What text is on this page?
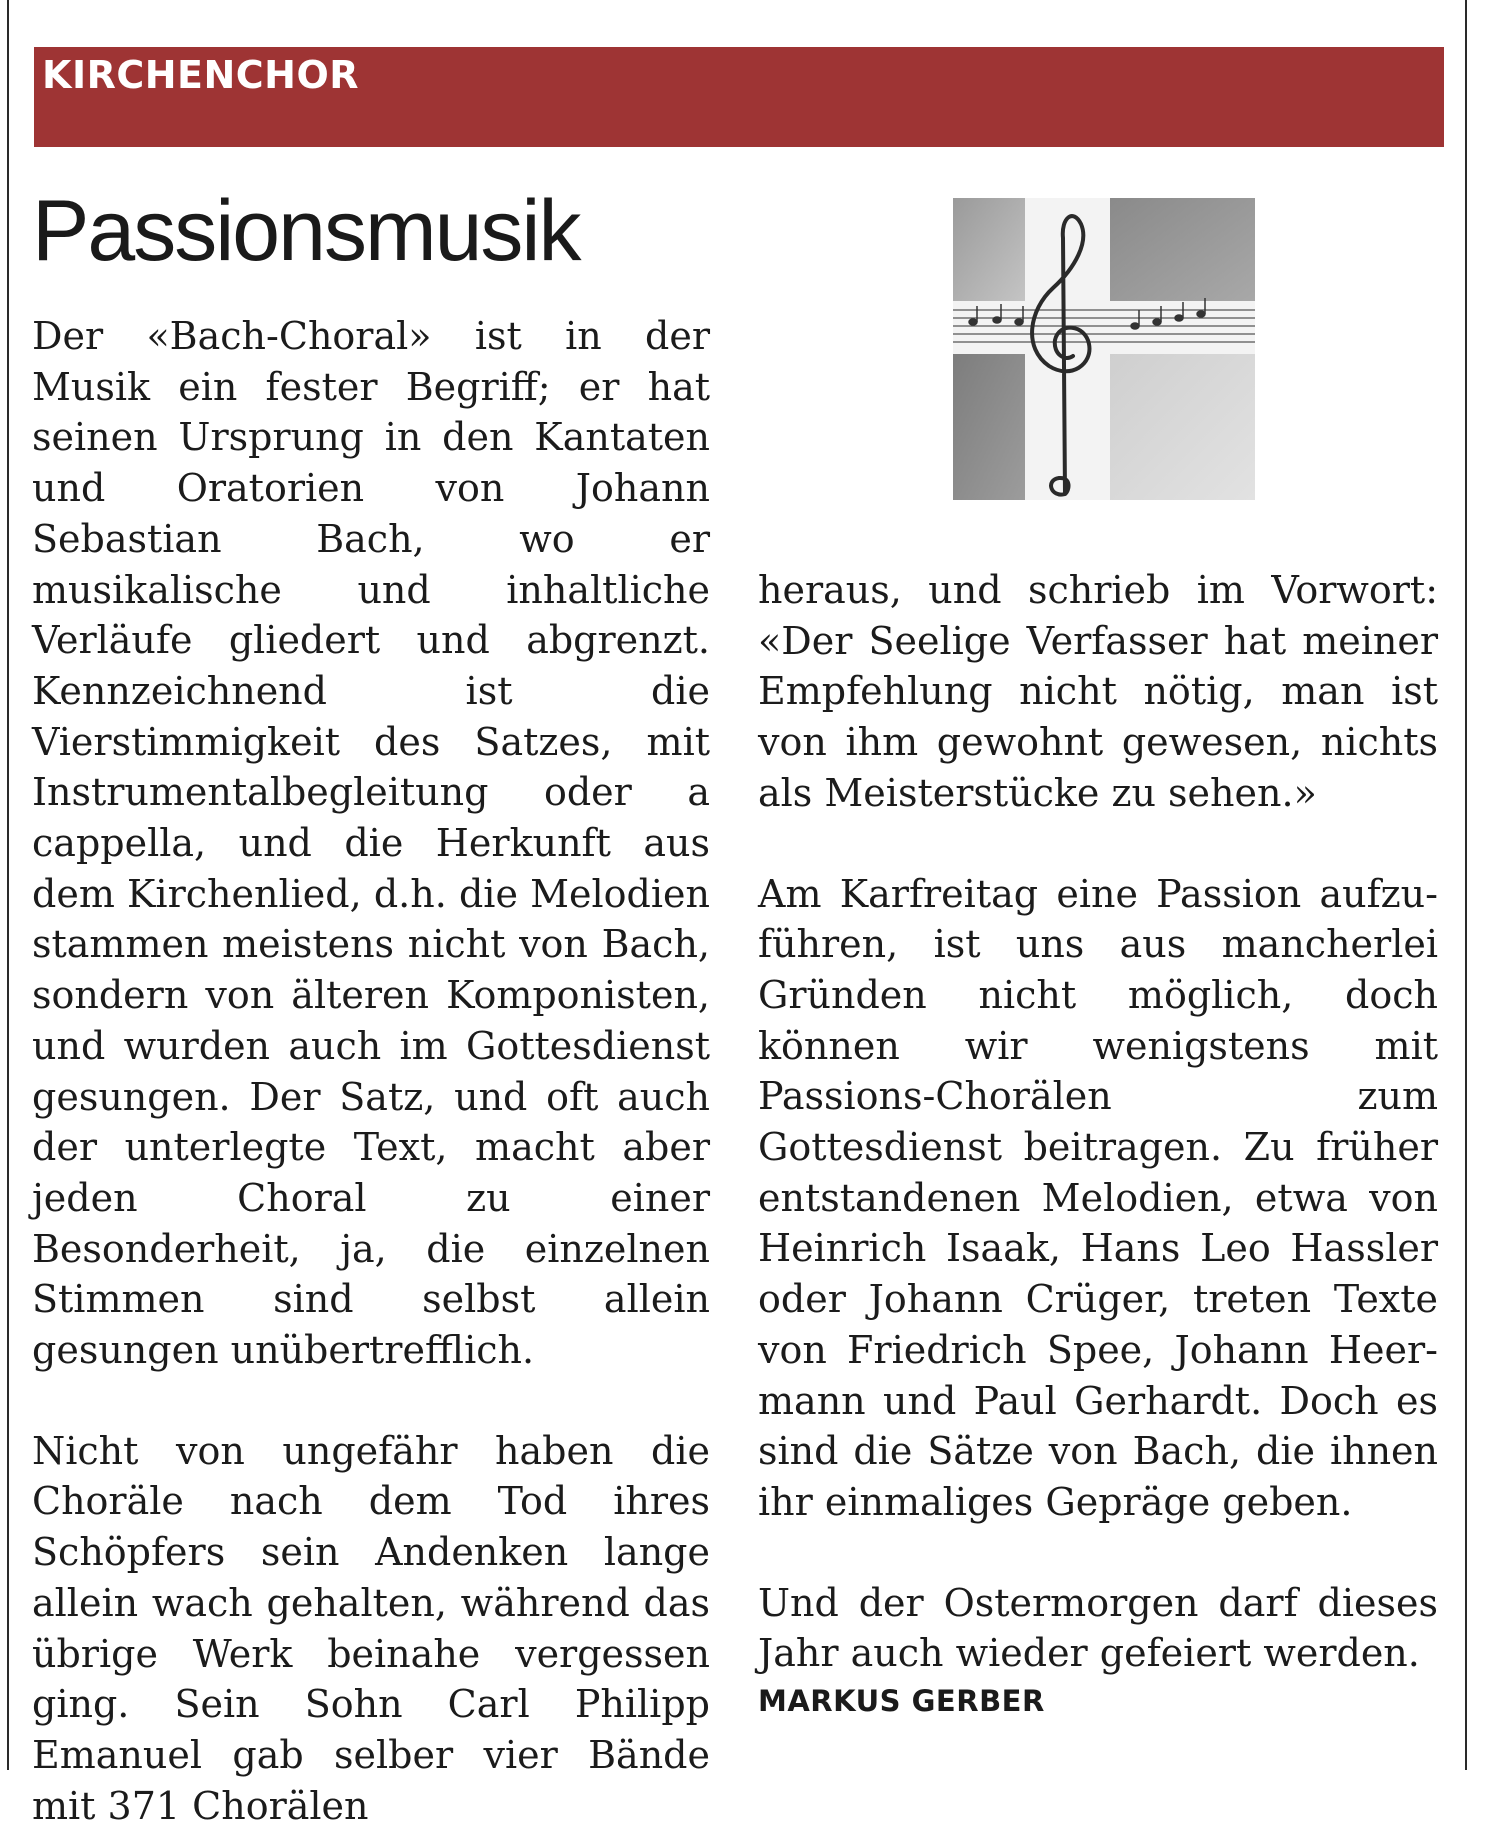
KIRCHENCHOR
Passionsmusik

Der «Bach-Choral» ist in der Musik ein fester Begriff; er hat seinen Ursprung in den Kantaten und Oratorien von Johann Sebastian Bach, wo er musikalische und inhaltliche Verläufe gliedert und abgrenzt. Kennzeichnend ist die Vierstimmigkeit des Satzes, mit Instrumentalbegleitung oder a cappella, und die Herkunft aus dem Kirchenlied, d.h. die Melodien stammen meistens nicht von Bach, sondern von älteren Komponisten, und wurden auch im Gottesdienst gesungen. Der Satz, und oft auch der unterlegte Text, macht aber jeden Choral zu einer Besonderheit, ja, die einzelnen Stimmen sind selbst allein gesungen unübertrefflich.

Nicht von ungefähr haben die Choräle nach dem Tod ihres Schöpfers sein Andenken lange allein wach gehalten, während das übrige Werk beinahe vergessen ging. Sein Sohn Carl Philipp Emanuel gab selber vier Bände mit 371 Chorälen

heraus, und schrieb im Vorwort: «Der Seelige Verfasser hat meiner Empfehlung nicht nötig, man ist von ihm gewohnt gewesen, nichts als Meisterstücke zu sehen.»

Am Karfreitag eine Passion aufzuführen, ist uns aus mancherlei Gründen nicht möglich, doch können wir wenigstens mit Passions-Chorälen zum Gottesdienst beitragen. Zu früher entstandenen Melodien, etwa von Heinrich Isaak, Hans Leo Hassler oder Johann Crüger, treten Texte von Friedrich Spee, Johann Heermann und Paul Gerhardt. Doch es sind die Sätze von Bach, die ihnen ihr einmaliges Gepräge geben.

Und der Ostermorgen darf dieses Jahr auch wieder gefeiert werden.

MARKUS GERBER
